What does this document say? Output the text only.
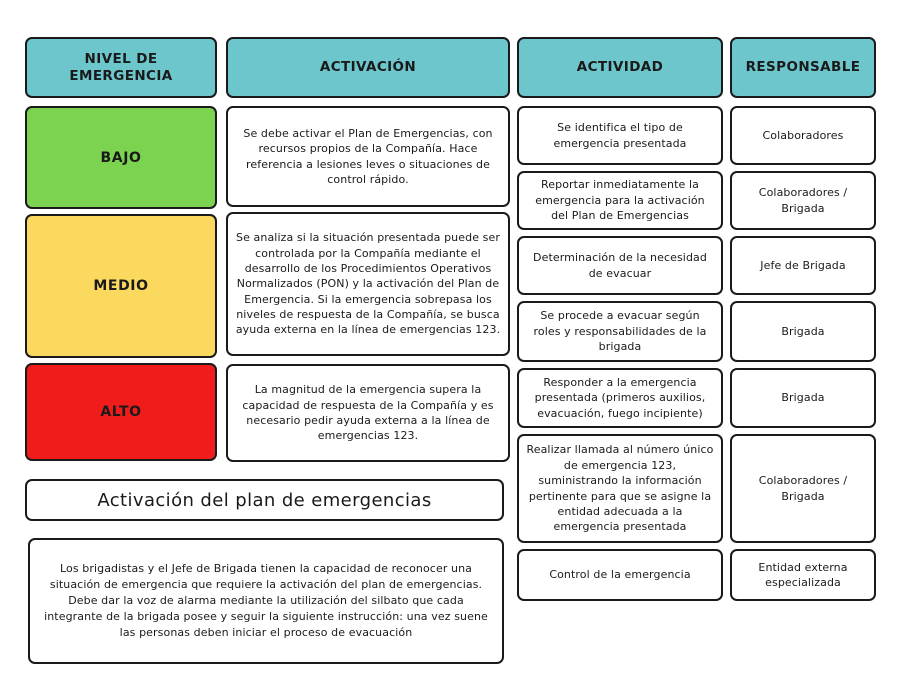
NIVEL DE
EMERGENCIA
ACTIVACIÓN	ACTIVIDAD	RESPONSABLE
BAJO
MEDIO
ALTO
Se debe activar el Plan de Emergencias, con recursos propios de la Compañía. Hace referencia a lesiones leves o situaciones de control rápido.
Se analiza si la situación presentada puede ser controlada por la Compañía mediante el desarrollo de los Procedimientos Operativos Normalizados (PON) y la activación del Plan de Emergencia. Si la emergencia sobrepasa los niveles de respuesta de la Compañía, se busca ayuda externa en la línea de emergencias 123.
La magnitud de la emergencia supera la capacidad de respuesta de la Compañía y es necesario pedir ayuda externa a la línea de emergencias 123.
Se identifica el tipo de emergencia presentada
Reportar inmediatamente la emergencia para la activación del Plan de Emergencias
Determinación de la necesidad de evacuar
Se procede a evacuar según roles y responsabilidades de la brigada
Responder a la emergencia presentada (primeros auxilios, evacuación, fuego incipiente)
Realizar llamada al número único de emergencia 123, suministrando la información pertinente para que se asigne la entidad adecuada a la emergencia presentada
Control de la emergencia
Colaboradores
Colaboradores / Brigada
Jefe de Brigada
Brigada
Brigada
Colaboradores / Brigada
Entidad externa especializada
Activación del plan de emergencias
Los brigadistas y el Jefe de Brigada tienen la capacidad de reconocer una situación de emergencia que requiere la activación del plan de emergencias. Debe dar la voz de alarma mediante la utilización del silbato que cada integrante de la brigada posee y seguir la siguiente instrucción: una vez suene las personas deben iniciar el proceso de evacuación
